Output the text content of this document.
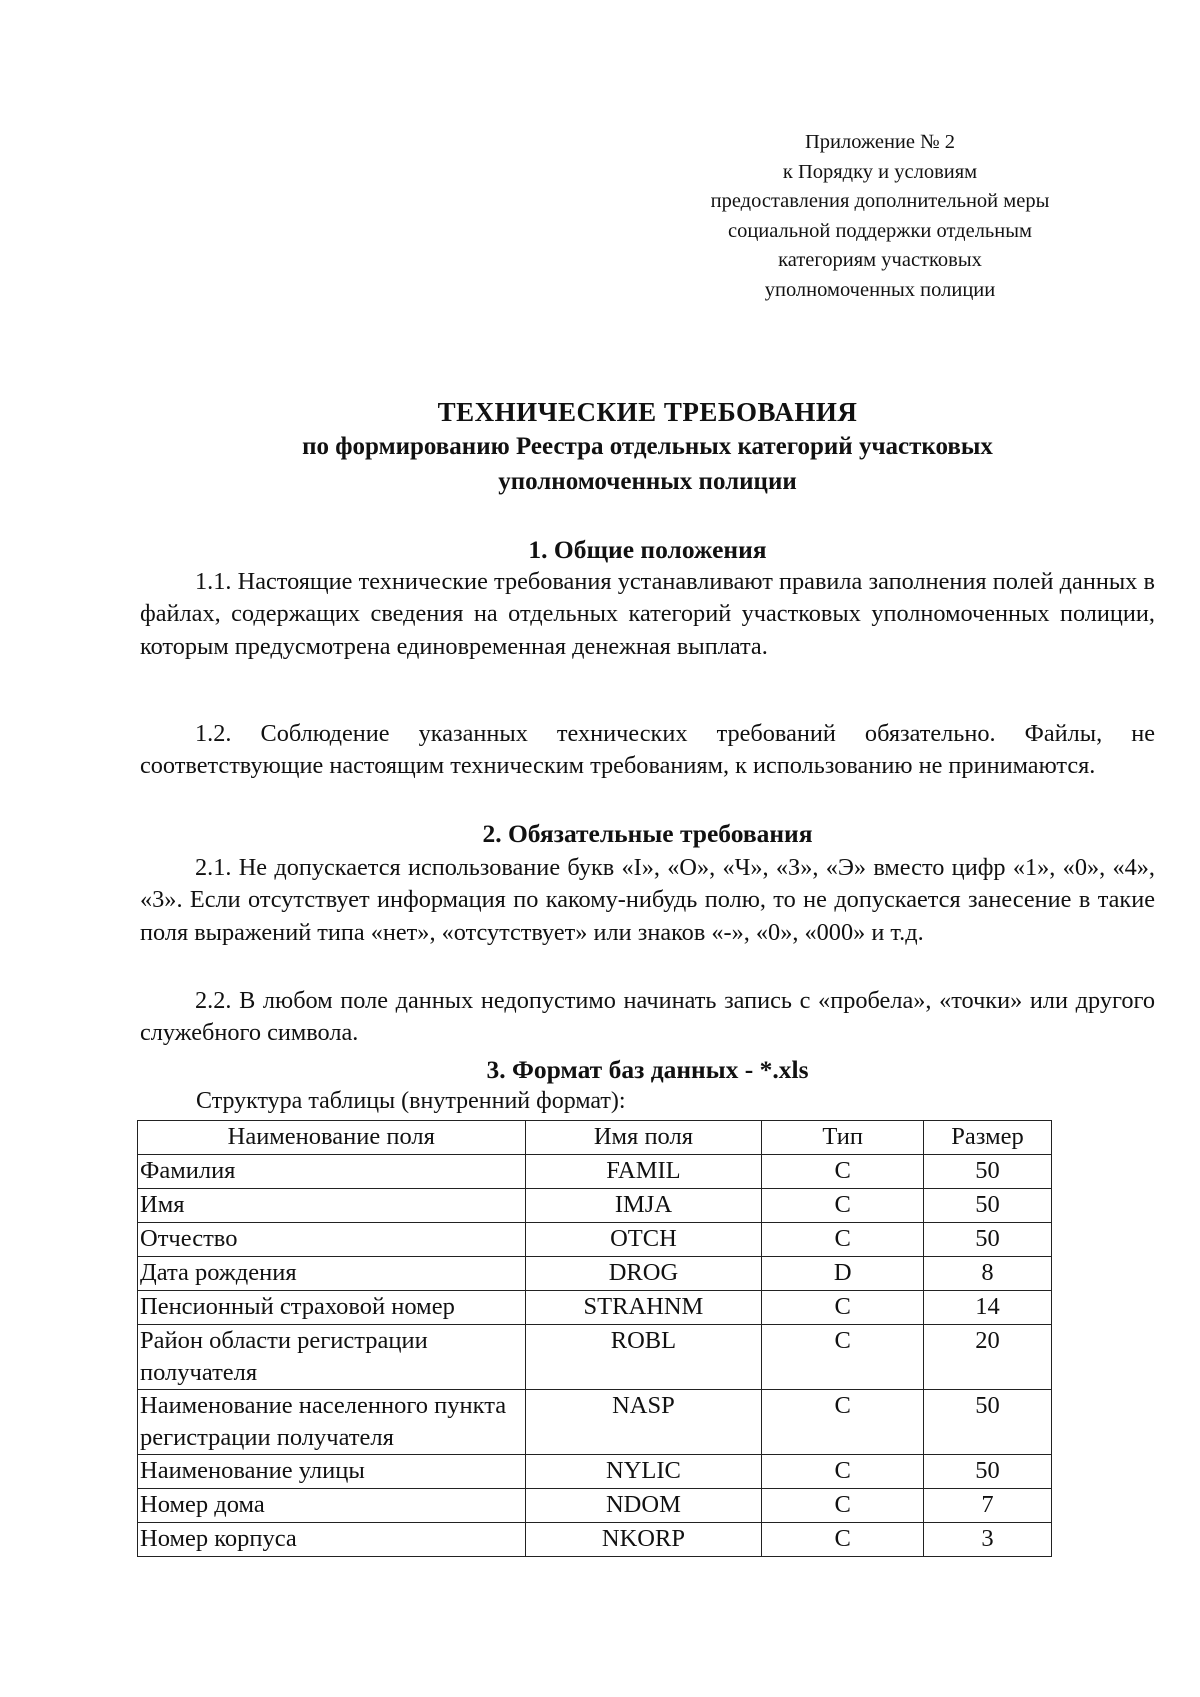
Приложение № 2
к Порядку и условиям
предоставления дополнительной меры
социальной поддержки отдельным
категориям участковых
уполномоченных полиции
ТЕХНИЧЕСКИЕ ТРЕБОВАНИЯ
по формированию Реестра отдельных категорий участковых
уполномоченных полиции
1. Общие положения

1.1. Настоящие технические требования устанавливают правила заполнения полей данных в файлах, содержащих сведения на отдельных категорий участковых уполномоченных полиции, которым предусмотрена единовременная денежная выплата.

1.2. Соблюдение указанных технических требований обязательно. Файлы, не соответствующие настоящим техническим требованиям, к использованию не принимаются.

2. Обязательные требования

2.1. Не допускается использование букв «I», «О», «Ч», «З», «Э» вместо цифр «1», «0», «4», «3». Если отсутствует информация по какому-нибудь полю, то не допускается занесение в такие поля выражений типа «нет», «отсутствует» или знаков «-», «0», «000» и т.д.

2.2. В любом поле данных недопустимо начинать запись с «пробела», «точки» или другого служебного символа.

3. Формат баз данных - *.xls
Структура таблицы (внутренний формат):
Наименование поля	Имя поля	Тип	Размер
Фамилия	FAMIL	C	50
Имя	IMJA	C	50
Отчество	OTCH	C	50
Дата рождения	DROG	D	8
Пенсионный страховой номер	STRAHNM	C	14
Район области регистрации получателя	ROBL	C	20
Наименование населенного пункта регистрации получателя	NASP	C	50
Наименование улицы	NYLIC	C	50
Номер дома	NDOM	C	7
Номер корпуса	NKORP	C	3
